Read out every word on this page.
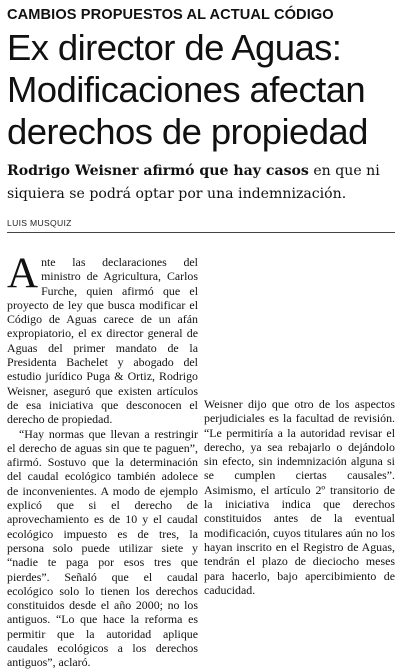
CAMBIOS PROPUESTOS AL ACTUAL CÓDIGO
Ex director de Aguas:
Modificaciones afectan
derechos de propiedad
Rodrigo Weisner afirmó que hay casos en que ni
siquiera se podrá optar por una indemnización.
LUIS MUSQUIZ

Ante las declaraciones del ministro de Agricultura, Carlos Furche, quien afirmó que el proyecto de ley que busca modificar el Código de Aguas carece de un afán expropiatorio, el ex director general de Aguas del primer mandato de la Presidenta Bachelet y abogado del estudio jurídico Puga & Ortiz, Rodrigo Weisner, aseguró que existen artículos de esa iniciativa que desconocen el derecho de propiedad.

“Hay normas que llevan a restringir el derecho de aguas sin que te paguen”, afirmó. Sostuvo que la determinación del caudal ecológico también adolece de inconvenientes. A modo de ejemplo explicó que si el derecho de aprovechamiento es de 10 y el caudal ecológico impuesto es de tres, la persona solo puede utilizar siete y “nadie te paga por esos tres que pierdes”. Señaló que el caudal ecológico solo lo tienen los derechos constituidos desde el año 2000; no los antiguos. “Lo que hace la reforma es permitir que la autoridad aplique caudales ecológicos a los derechos antiguos”, aclaró.

Weisner dijo que otro de los aspectos perjudiciales es la facultad de revisión. “Le permitiría a la autoridad revisar el derecho, ya sea rebajarlo o dejándolo sin efecto, sin indemnización alguna si se cumplen ciertas causales”. Asimismo, el artículo 2º transitorio de la iniciativa indica que derechos constituidos antes de la eventual modificación, cuyos titulares aún no los hayan inscrito en el Registro de Aguas, tendrán el plazo de dieciocho meses para hacerlo, bajo apercibimiento de caducidad.
